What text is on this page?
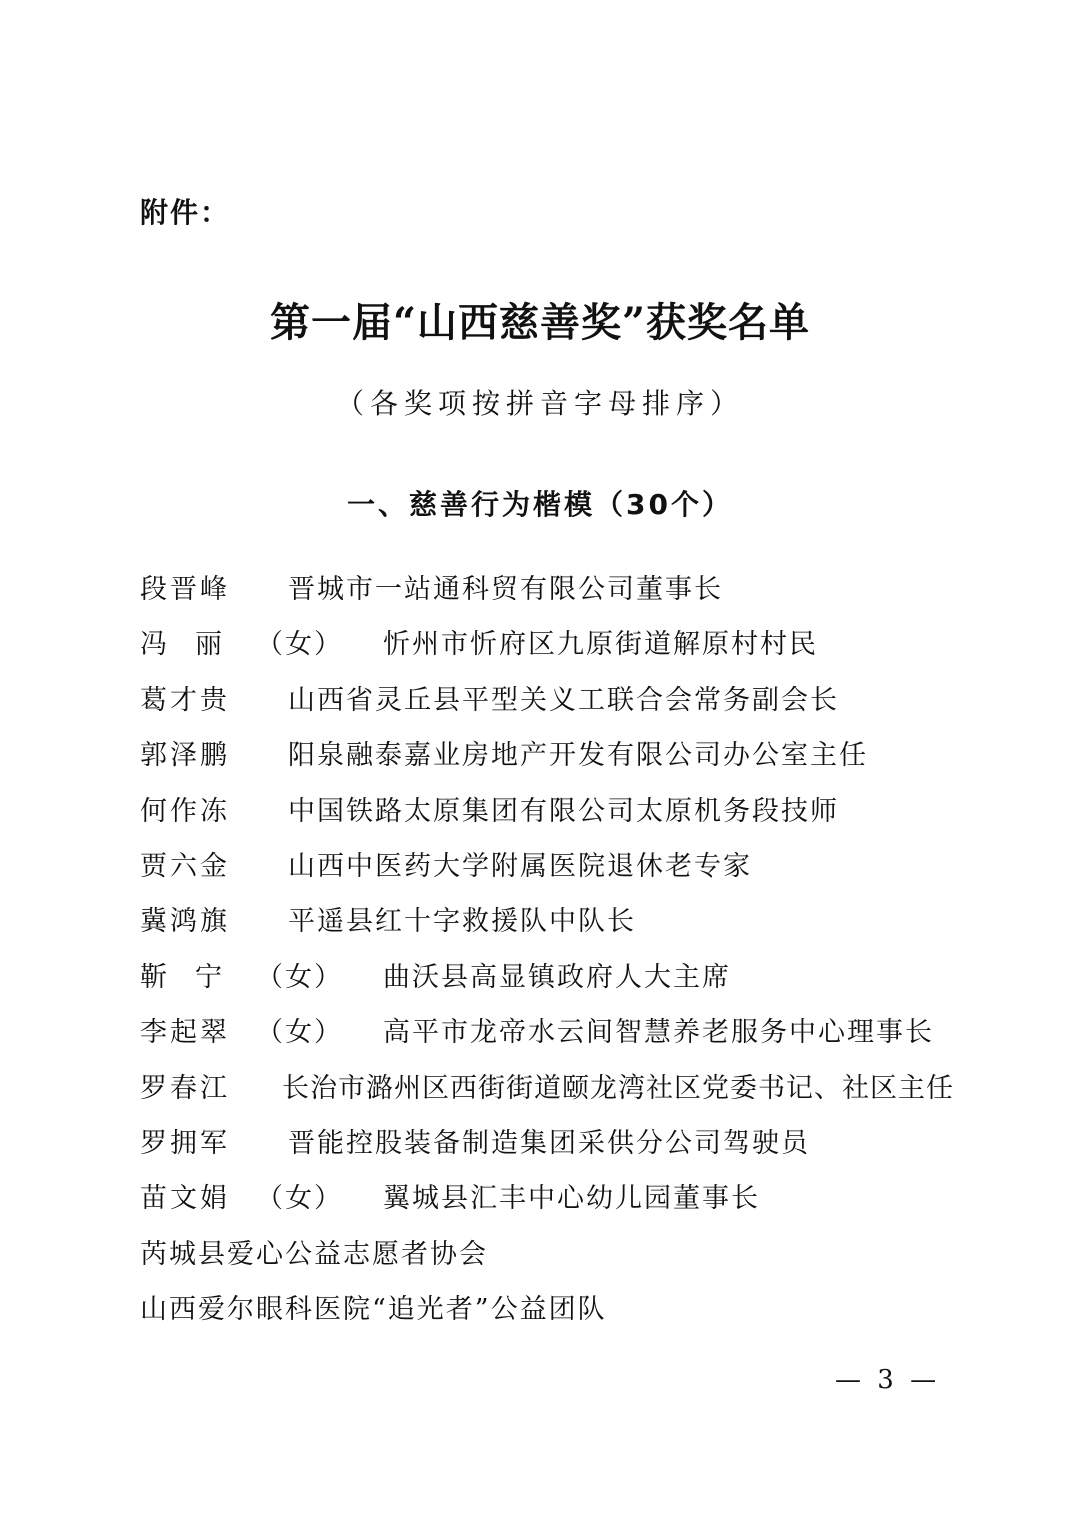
附件：
第一届“山西慈善奖”获奖名单
（各奖项按拼音字母排序）
一、慈善行为楷模（30个）
段晋峰 晋城市一站通科贸有限公司董事长
冯丽 （女） 忻州市忻府区九原街道解原村村民
葛才贵 山西省灵丘县平型关义工联合会常务副会长
郭泽鹏 阳泉融泰嘉业房地产开发有限公司办公室主任
何作冻 中国铁路太原集团有限公司太原机务段技师
贾六金 山西中医药大学附属医院退休老专家
冀鸿旗 平遥县红十字救援队中队长
靳宁 （女） 曲沃县高显镇政府人大主席
李起翠 （女） 高平市龙帝水云间智慧养老服务中心理事长
罗春江 长治市潞州区西街街道颐龙湾社区党委书记、社区主任
罗拥军 晋能控股装备制造集团采供分公司驾驶员
苗文娟 （女） 翼城县汇丰中心幼儿园董事长
芮城县爱心公益志愿者协会
山西爱尔眼科医院“追光者”公益团队
— 3 —
